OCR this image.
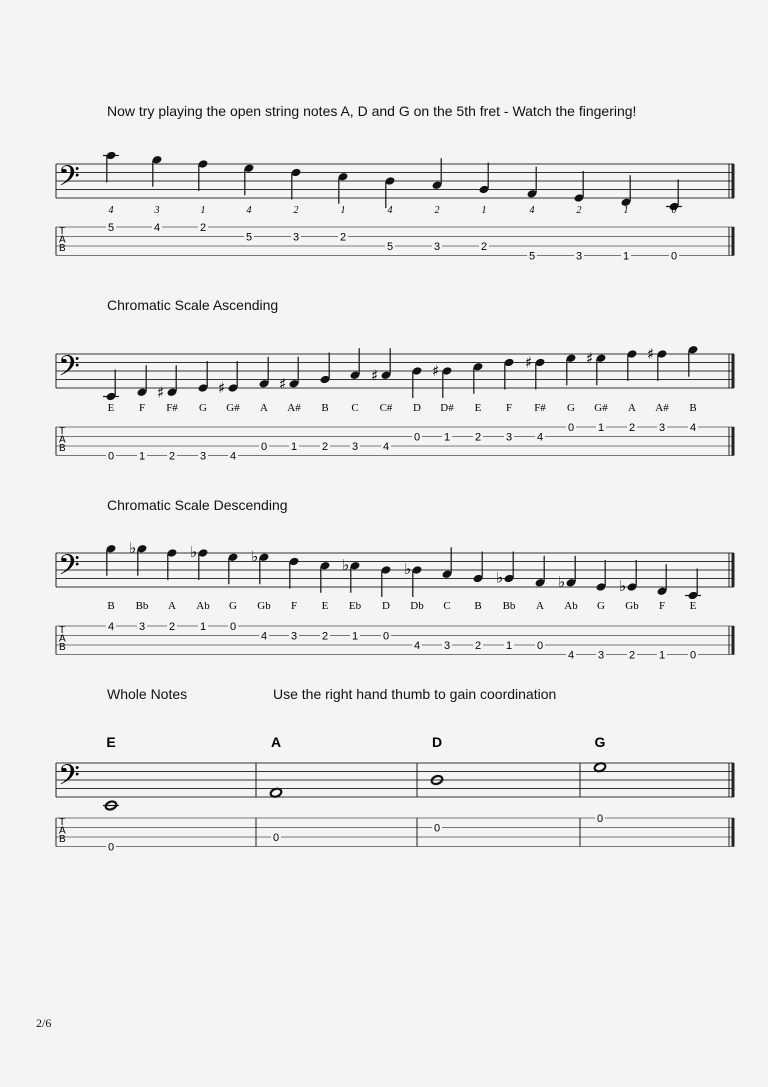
Now try playing the open string notes A, D and G on the 5th fret - Watch the fingering!
Chromatic Scale Ascending
Chromatic Scale Descending
Whole Notes	Use the right hand thumb to gain coordination
𝄢
T
A
B
4
5
3
4
1
2
4
5
2
3
1
2
4
5
2
3
1
2
4
5
2
3
1
1
0
0
𝄢
T
A
B
E
0
F
1
♯
F#
2
G
3
♯
G#
4
A
0
♯
A#
1
B
2
C
3
♯
C#
4
D
0
♯
D#
1
E
2
F
3
♯
F#
4
G
0
♯
G#
1
A
2
♯
A#
3
B
4
𝄢
T
A
B
B
4
♭
Bb
3
A
2
♭
Ab
1
G
0
♭
Gb
4
F
3
E
2
♭
Eb
1
D
0
♭
Db
4
C
3
B
2
♭
Bb
1
A
0
♭
Ab
4
G
3
♭
Gb
2
F
1
E
0
𝄢
T
A
B
E
0
A
0
D
0
G
0
2/6
